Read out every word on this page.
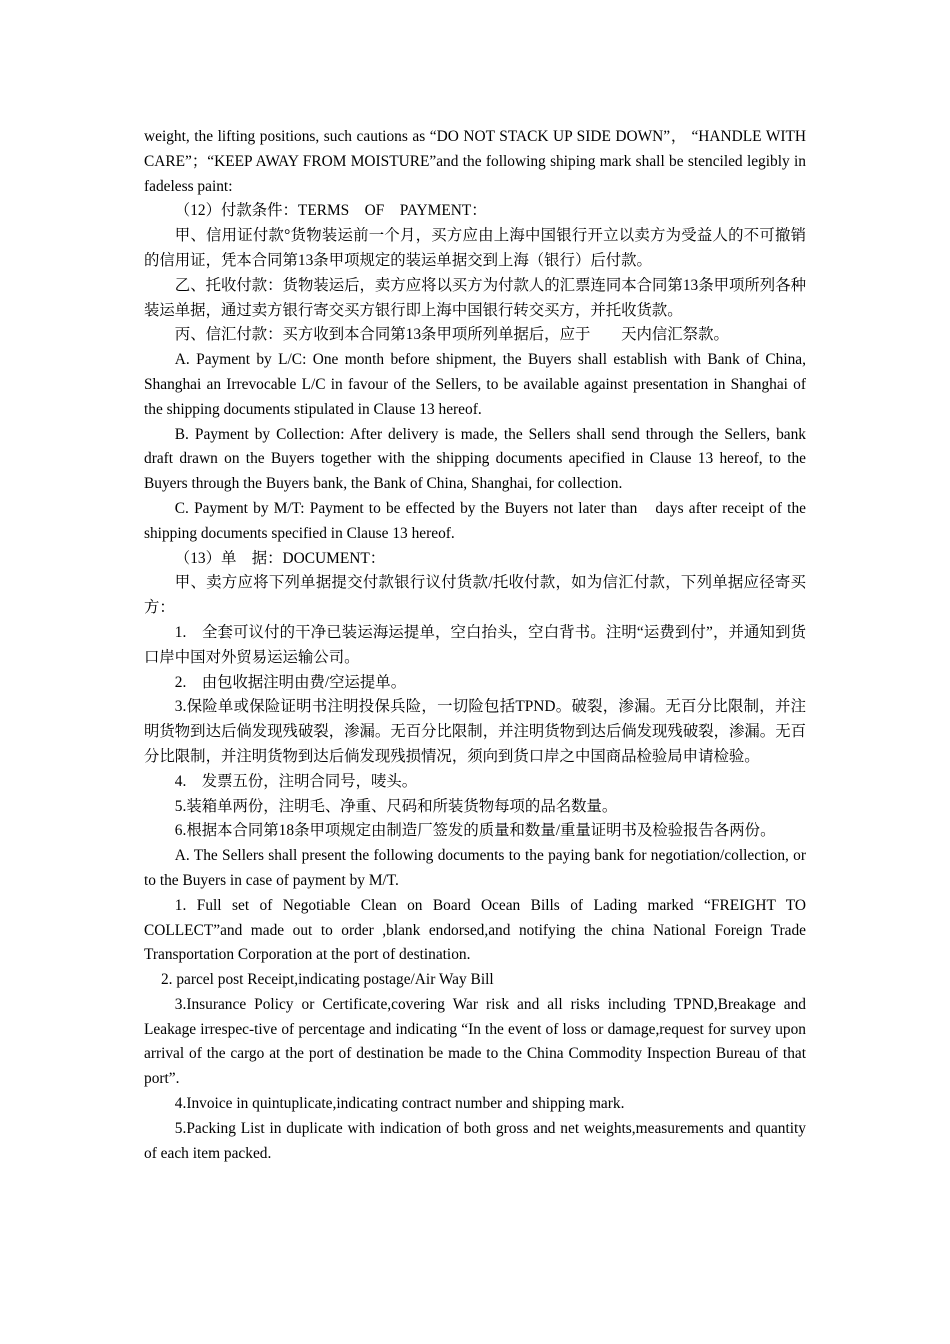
weight, the lifting positions, such cautions as “DO NOT STACK UP SIDE DOWN”， “HANDLE WITH CARE”；“KEEP AWAY FROM MOISTURE”and the following shiping mark shall be stenciled legibly in fadeless paint:

（12）付款条件：TERMS　OF　PAYMENT：

甲、信用证付款°货物装运前一个月，买方应由上海中国银行开立以卖方为受益人的不可撤销的信用证，凭本合同第13条甲项规定的装运单据交到上海（银行）后付款。

乙、托收付款：货物装运后，卖方应将以买方为付款人的汇票连同本合同第13条甲项所列各种装运单据，通过卖方银行寄交买方银行即上海中国银行转交买方，并托收货款。

丙、信汇付款：买方收到本合同第13条甲项所列单据后，应于　　天内信汇祭款。

A. Payment by L/C: One month before shipment, the Buyers shall establish with Bank of China, Shanghai an Irrevocable L/C in favour of the Sellers, to be available against presentation in Shanghai of the shipping documents stipulated in Clause 13 hereof.

B. Payment by Collection: After delivery is made, the Sellers shall send through the Sellers, bank draft drawn on the Buyers together with the shipping documents apecified in Clause 13 hereof, to the Buyers through the Buyers bank, the Bank of China, Shanghai, for collection.

C. Payment by M/T: Payment to be effected by the Buyers not later than　days after receipt of the shipping documents specified in Clause 13 hereof.

（13）单　据：DOCUMENT：

甲、卖方应将下列单据提交付款银行议付货款/托收付款，如为信汇付款，下列单据应径寄买方：

1.　全套可议付的干净已装运海运提单，空白抬头，空白背书。注明“运费到付”，并通知到货口岸中国对外贸易运运输公司。

2.　由包收据注明由费/空运提单。

3.保险单或保险证明书注明投保兵险，一切险包括TPND。破裂，渗漏。无百分比限制，并注明货物到达后倘发现残破裂，渗漏。无百分比限制，并注明货物到达后倘发现残破裂，渗漏。无百分比限制，并注明货物到达后倘发现残损情况，须向到货口岸之中国商品检验局申请检验。

4.　发票五份，注明合同号，唛头。

5.装箱单两份，注明毛、净重、尺码和所装货物每项的品名数量。

6.根据本合同第18条甲项规定由制造厂签发的质量和数量/重量证明书及检验报告各两份。

A. The Sellers shall present the following documents to the paying bank for negotiation/collection, or to the Buyers in case of payment by M/T.

1. Full set of Negotiable Clean on Board Ocean Bills of Lading marked “FREIGHT TO COLLECT”and made out to order ,blank endorsed,and notifying the china National Foreign Trade Transportation Corporation at the port of destination.

2. parcel post Receipt,indicating postage/Air Way Bill

3.Insurance Policy or Certificate,covering War risk and all risks including TPND,Breakage and Leakage irrespec-tive of percentage and indicating “In the event of loss or damage,request for survey upon arrival of the cargo at the port of destination be made to the China Commodity Inspection Bureau of that port”.

4.Invoice in quintuplicate,indicating contract number and shipping mark.

5.Packing List in duplicate with indication of both gross and net weights,measurements and quantity of each item packed.
